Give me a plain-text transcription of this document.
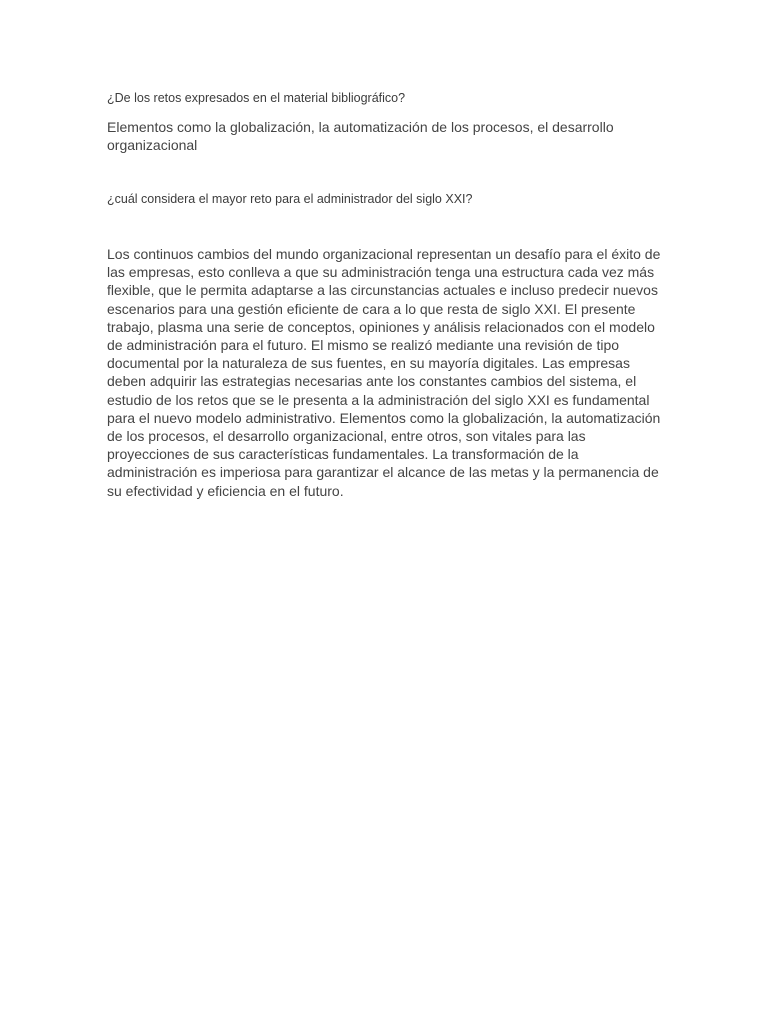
¿De los retos expresados en el material bibliográfico?
Elementos como la globalización, la automatización de los procesos, el desarrollo organizacional
¿cuál considera el mayor reto para el administrador del siglo XXI?
Los continuos cambios del mundo organizacional representan un desafío para el éxito de las empresas, esto conlleva a que su administración tenga una estructura cada vez más flexible, que le permita adaptarse a las circunstancias actuales e incluso predecir nuevos escenarios para una gestión eficiente de cara a lo que resta de siglo XXI. El presente trabajo, plasma una serie de conceptos, opiniones y análisis relacionados con el modelo de administración para el futuro. El mismo se realizó mediante una revisión de tipo documental por la naturaleza de sus fuentes, en su mayoría digitales. Las empresas deben adquirir las estrategias necesarias ante los constantes cambios del sistema, el estudio de los retos que se le presenta a la administración del siglo XXI es fundamental para el nuevo modelo administrativo. Elementos como la globalización, la automatización de los procesos, el desarrollo organizacional, entre otros, son vitales para las proyecciones de sus características fundamentales. La transformación de la administración es imperiosa para garantizar el alcance de las metas y la permanencia de su efectividad y eficiencia en el futuro.
